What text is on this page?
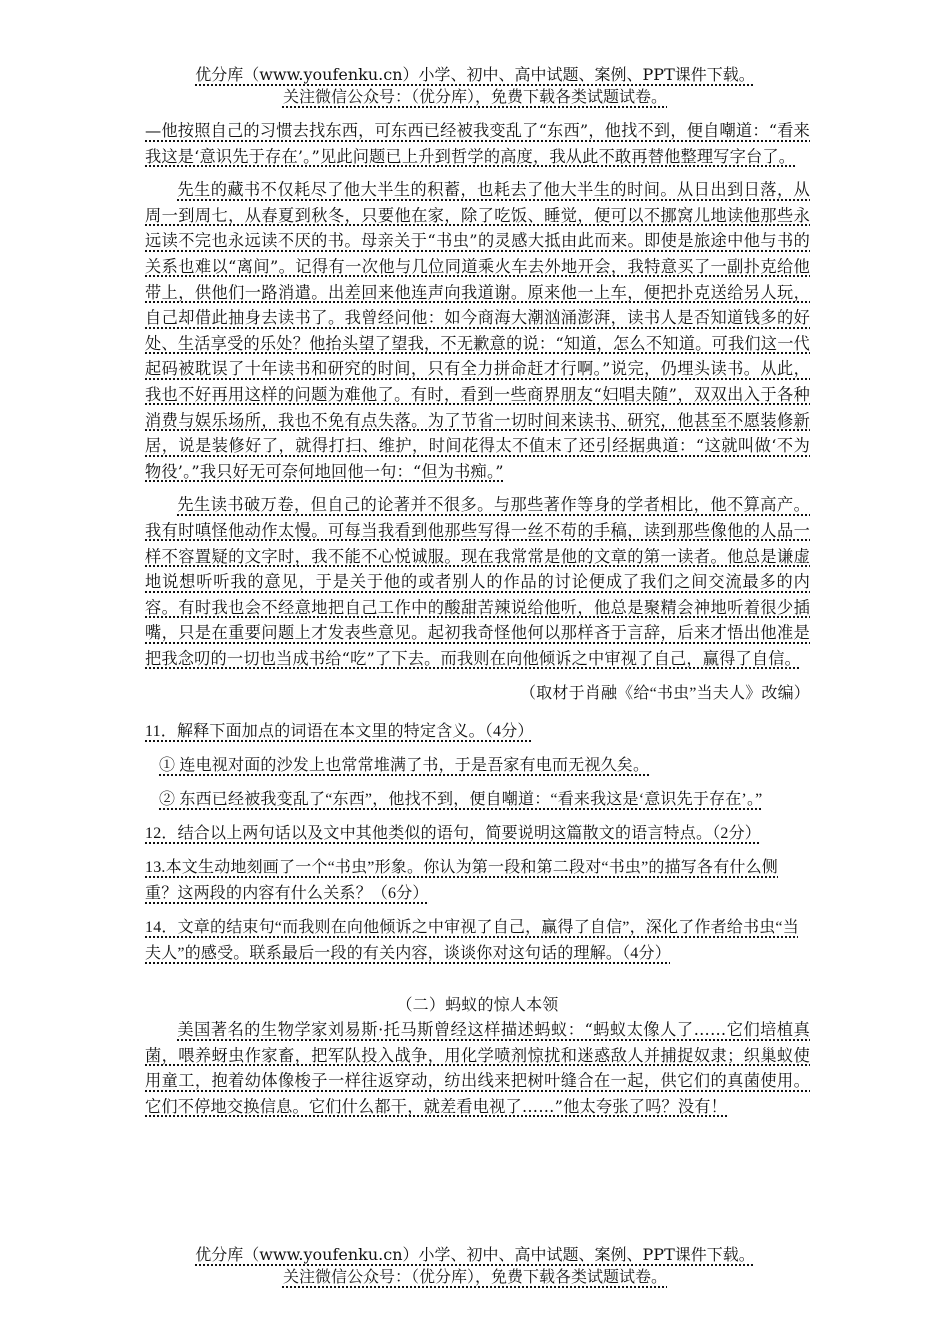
优分库（www.youfenku.cn）小学、初中、高中试题、案例、PPT课件下载。
关注微信公众号：（优分库），免费下载各类试题试卷。

—他按照自己的习惯去找东西，可东西已经被我变乱了“东西”，他找不到，便自嘲道：“看来我这是‘意识先于存在’。”见此问题已上升到哲学的高度，我从此不敢再替他整理写字台了。

先生的藏书不仅耗尽了他大半生的积蓄，也耗去了他大半生的时间。从日出到日落，从周一到周七，从春夏到秋冬，只要他在家，除了吃饭、睡觉，便可以不挪窝儿地读他那些永远读不完也永远读不厌的书。母亲关于“书虫”的灵感大抵由此而来。即使是旅途中他与书的关系也难以“离间”。记得有一次他与几位同道乘火车去外地开会，我特意买了一副扑克给他带上，供他们一路消遣。出差回来他连声向我道谢。原来他一上车，便把扑克送给另人玩，自己却借此抽身去读书了。我曾经问他：如今商海大潮汹涌澎湃，读书人是否知道钱多的好处、生活享受的乐处？他抬头望了望我，不无歉意的说：“知道，怎么不知道。可我们这一代起码被耽误了十年读书和研究的时间，只有全力拼命赶才行啊。”说完，仍埋头读书。从此，我也不好再用这样的问题为难他了。有时，看到一些商界朋友“妇唱夫随”，双双出入于各种消费与娱乐场所，我也不免有点失落。为了节省一切时间来读书、研究，他甚至不愿装修新居，说是装修好了，就得打扫、维护，时间花得太不值末了还引经据典道：“这就叫做‘不为物役’。”我只好无可奈何地回他一句：“但为书痴。”

先生读书破万卷，但自己的论著并不很多。与那些著作等身的学者相比，他不算高产。我有时嗔怪他动作太慢。可每当我看到他那些写得一丝不苟的手稿，读到那些像他的人品一样不容置疑的文字时，我不能不心悦诚服。现在我常常是他的文章的第一读者。他总是谦虚地说想听听我的意见，于是关于他的或者别人的作品的讨论便成了我们之间交流最多的内容。有时我也会不经意地把自己工作中的酸甜苦辣说给他听，他总是聚精会神地听着很少插嘴，只是在重要问题上才发表些意见。起初我奇怪他何以那样吝于言辞，后来才悟出他准是把我念叨的一切也当成书给“吃”了下去。而我则在向他倾诉之中审视了自己，赢得了自信。

（取材于肖融《给“书虫”当夫人》改编）

11．解释下面加点的词语在本文里的特定含义。（4分）

① 连电视对面的沙发上也常常堆满了书，于是吾家有电而无视久矣。

② 东西已经被我变乱了“东西”，他找不到，便自嘲道：“看来我这是‘意识先于存在’。”

12．结合以上两句话以及文中其他类似的语句，简要说明这篇散文的语言特点。（2分）

13.本文生动地刻画了一个“书虫”形象。你认为第一段和第二段对“书虫”的描写各有什么侧重？这两段的内容有什么关系？（6分）

14．文章的结束句“而我则在向他倾诉之中审视了自己，赢得了自信”，深化了作者给书虫“当夫人”的感受。联系最后一段的有关内容，谈谈你对这句话的理解。（4分）

（二）蚂蚁的惊人本领

美国著名的生物学家刘易斯·托马斯曾经这样描述蚂蚁：“蚂蚁太像人了……它们培植真菌，喂养蚜虫作家畜，把军队投入战争，用化学喷剂惊扰和迷惑敌人并捕捉奴隶；织巢蚁使用童工，抱着幼体像梭子一样往返穿动，纺出线来把树叶缝合在一起，供它们的真菌使用。它们不停地交换信息。它们什么都干，就差看电视了……”他太夸张了吗？没有！

优分库（www.youfenku.cn）小学、初中、高中试题、案例、PPT课件下载。
关注微信公众号：（优分库），免费下载各类试题试卷。
